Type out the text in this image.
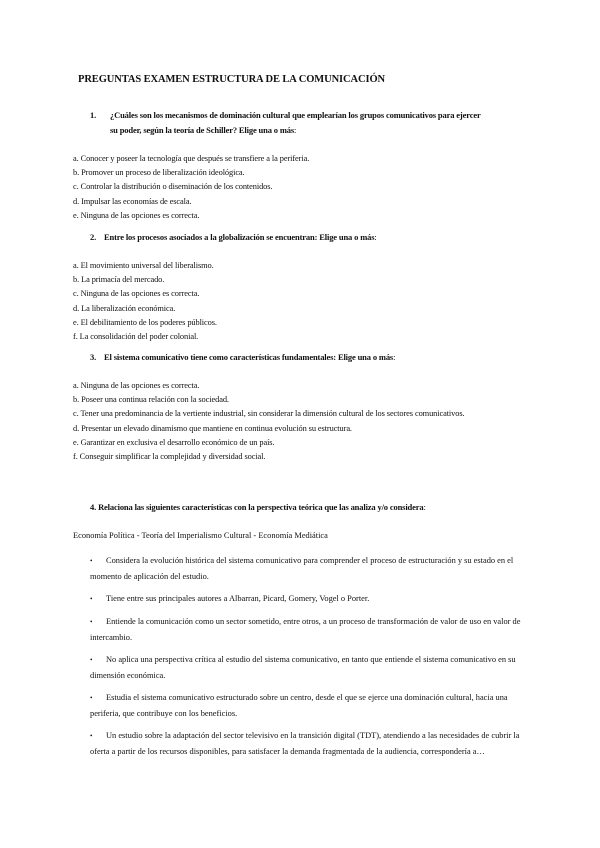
PREGUNTAS EXAMEN ESTRUCTURA DE LA COMUNICACIÓN
1.	¿Cuáles son los mecanismos de dominación cultural que emplearían los grupos comunicativos para ejercer su poder, según la teoría de Schiller? Elige una o más:
a. Conocer y poseer la tecnología que después se transfiere a la periferia.
b. Promover un proceso de liberalización ideológica.
c. Controlar la distribución o diseminación de los contenidos.
d. Impulsar las economías de escala.
e. Ninguna de las opciones es correcta.
2. Entre los procesos asociados a la globalización se encuentran: Elige una o más:
a. El movimiento universal del liberalismo.
b. La primacía del mercado.
c. Ninguna de las opciones es correcta.
d. La liberalización económica.
e. El debilitamiento de los poderes públicos.
f. La consolidación del poder colonial.
3. El sistema comunicativo tiene como características fundamentales: Elige una o más:
a. Ninguna de las opciones es correcta.
b. Poseer una continua relación con la sociedad.
c. Tener una predominancia de la vertiente industrial, sin considerar la dimensión cultural de los sectores comunicativos.
d. Presentar un elevado dinamismo que mantiene en continua evolución su estructura.
e. Garantizar en exclusiva el desarrollo económico de un país.
f. Conseguir simplificar la complejidad y diversidad social.
4. Relaciona las siguientes características con la perspectiva teórica que las analiza y/o considera:
Economía Política - Teoría del Imperialismo Cultural - Economía Mediática
• Considera la evolución histórica del sistema comunicativo para comprender el proceso de estructuración y su estado en el momento de aplicación del estudio.
• Tiene entre sus principales autores a Albarran, Picard, Gomery, Vogel o Porter.
• Entiende la comunicación como un sector sometido, entre otros, a un proceso de transformación de valor de uso en valor de intercambio.
• No aplica una perspectiva crítica al estudio del sistema comunicativo, en tanto que entiende el sistema comunicativo en su dimensión económica.
• Estudia el sistema comunicativo estructurado sobre un centro, desde el que se ejerce una dominación cultural, hacia una periferia, que contribuye con los beneficios.
• Un estudio sobre la adaptación del sector televisivo en la transición digital (TDT), atendiendo a las necesidades de cubrir la oferta a partir de los recursos disponibles, para satisfacer la demanda fragmentada de la audiencia, correspondería a…
